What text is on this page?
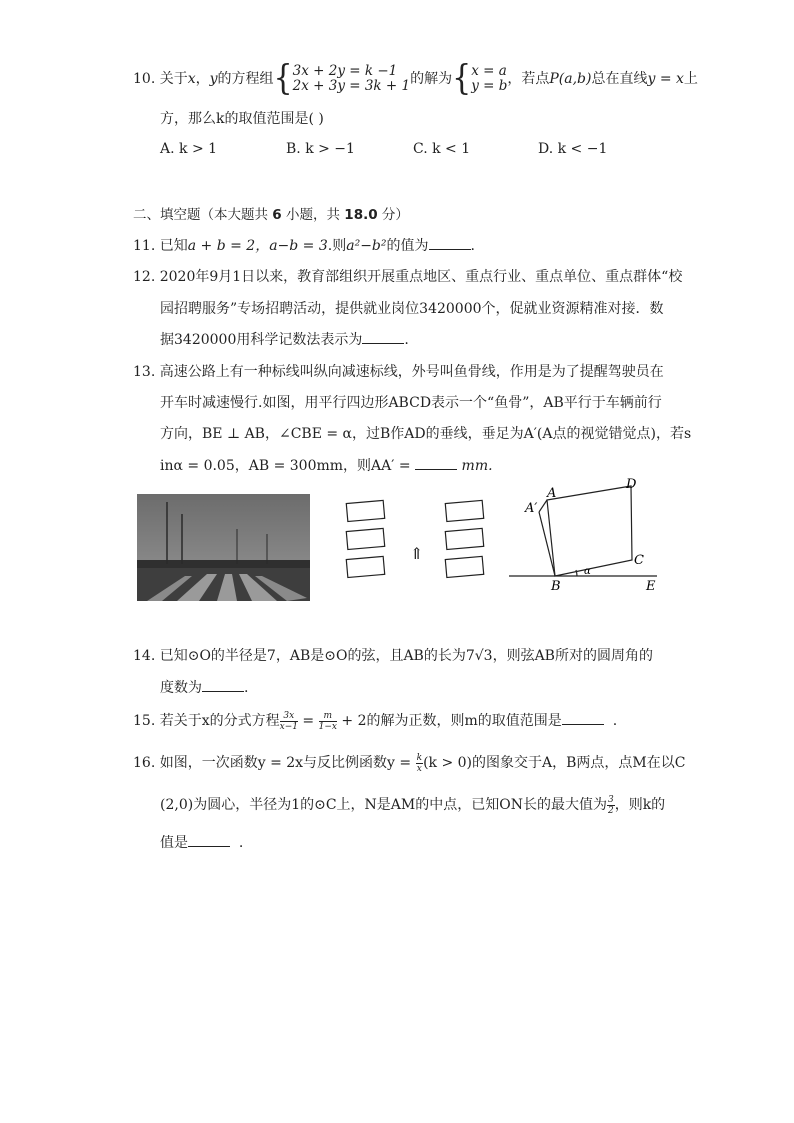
10. 关于x，y的方程组{3x + 2y = k −1
2x + 3y = 3k + 1的解为{x = a
y = b，若点P(a,b)总在直线y = x上
方，那么k的取值范围是( )
A. k > 1	B. k > −1	C. k < 1	D. k < −1
二、填空题（本大题共 6 小题，共 18.0 分）
11. 已知a + b = 2，a−b = 3.则a²−b²的值为	.
12. 2020年9月1日以来，教育部组织开展重点地区、重点行业、重点单位、重点群体“校
园招聘服务”专场招聘活动，提供就业岗位3420000个，促就业资源精准对接．数
据3420000用科学记数法表示为	.
13. 高速公路上有一种标线叫纵向减速标线，外号叫鱼骨线，作用是为了提醒驾驶员在
开车时减速慢行.如图，用平行四边形ABCD表示一个“鱼骨”，AB平行于车辆前行
方向，BE ⊥ AB，∠CBE = α，过B作AD的垂线，垂足为A′(A点的视觉错觉点)，若s
inα = 0.05，AB = 300mm，则AA′ =	mm.
⇑
A
A′
D
C
B	E
α
14. 已知⊙O的半径是7，AB是⊙O的弦，且AB的长为7√3，则弦AB所对的圆周角的
度数为	.
15. 若关于x的分式方程 $\frac{3x}{x-1} = \frac{m}{1-x} + 2$的解为正数，则m的取值范围是	.
16. 如图，一次函数y = 2x与反比例函数$y = \frac{k}{x} (k > 0)$的图象交于A，B两点，点M在以C
(2,0)为圆心，半径为1的⊙C上，N是AM的中点，已知ON长的最大值为 $\frac{3}{2}$ ，则k的
值是	.
